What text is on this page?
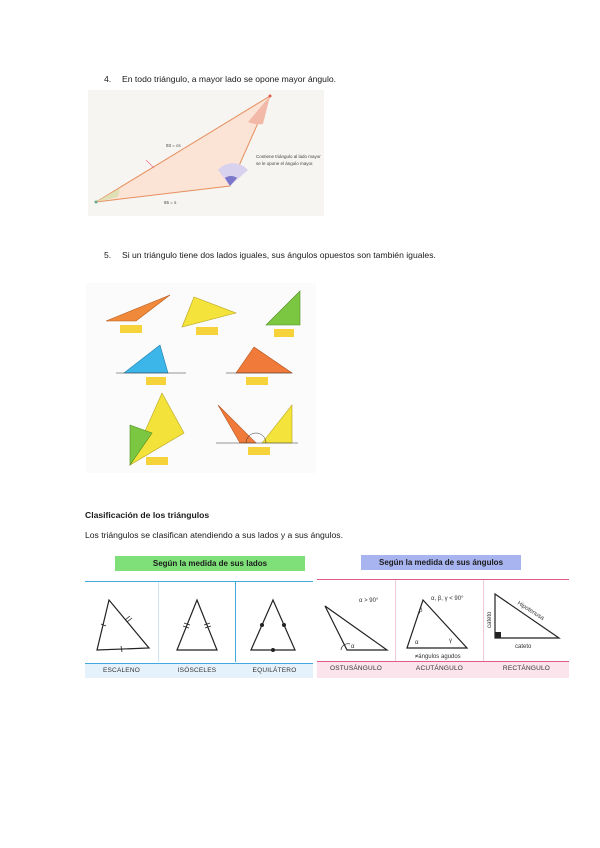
4. En todo triángulo, a mayor lado se opone mayor ángulo.
93 = cs
65 = s
Contiene triángulo al lado mayor
se le opone el ángulo mayor.
5. Si un triángulo tiene dos lados iguales, sus ángulos opuestos son también iguales.
Clasificación de los triángulos
Los triángulos se clasifican atendiendo a sus lados y a sus ángulos.
Según la medida de sus lados	Según la medida de sus ángulos
α > 90°
α
α, β, γ < 90°
β
α	γ
≠ángulos agudos
Hipotenusa
cateto
cateto
ESCALENO	ISÓSCELES	EQUILÁTERO	OSTUSÁNGULO	ACUTÁNGULO	RECTÁNGULO
